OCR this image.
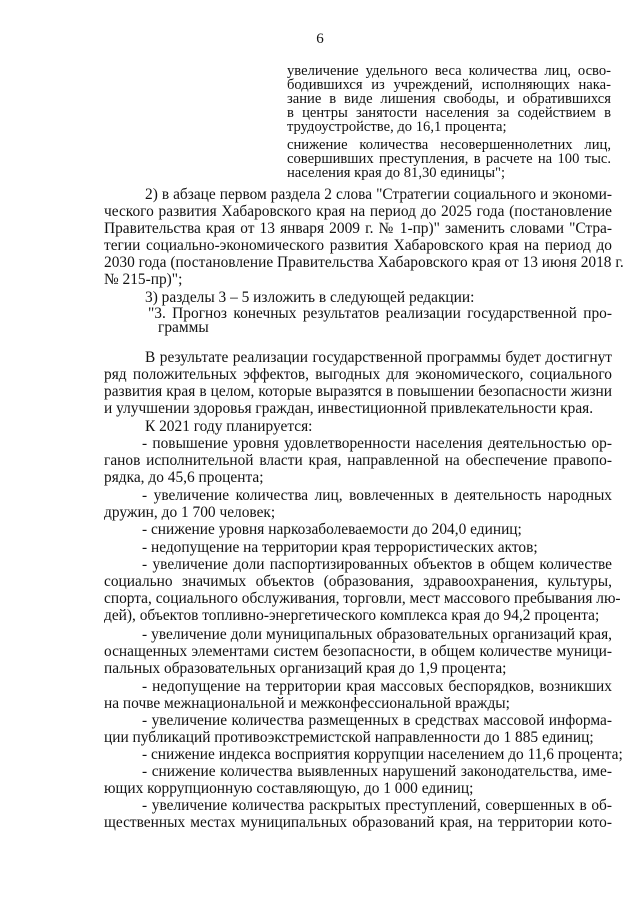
6
увеличение удельного веса количества лиц, осво-
бодившихся из учреждений, исполняющих нака-
зание в виде лишения свободы, и обратившихся
в центры занятости населения за содействием в
трудоустройстве, до 16,1 процента;
снижение количества несовершеннолетних лиц,
совершивших преступления, в расчете на 100 тыс.
населения края до 81,30 единицы";
2) в абзаце первом раздела 2 слова "Стратегии социального и экономи-
ческого развития Хабаровского края на период до 2025 года (постановление
Правительства края от 13 января 2009 г. № 1-пр)" заменить словами "Стра-
тегии социально-экономического развития Хабаровского края на период до
2030 года (постановление Правительства Хабаровского края от 13 июня 2018 г.
№ 215-пр)";
3) разделы 3 – 5 изложить в следующей редакции:
"3. Прогноз конечных результатов реализации государственной про-
граммы
В результате реализации государственной программы будет достигнут
ряд положительных эффектов, выгодных для экономического, социального
развития края в целом, которые выразятся в повышении безопасности жизни
и улучшении здоровья граждан, инвестиционной привлекательности края.
К 2021 году планируется:
- повышение уровня удовлетворенности населения деятельностью ор-
ганов исполнительной власти края, направленной на обеспечение правопо-
рядка, до 45,6 процента;
- увеличение количества лиц, вовлеченных в деятельность народных
дружин, до 1 700 человек;
- снижение уровня наркозаболеваемости до 204,0 единиц;
- недопущение на территории края террористических актов;
- увеличение доли паспортизированных объектов в общем количестве
социально значимых объектов (образования, здравоохранения, культуры,
спорта, социального обслуживания, торговли, мест массового пребывания лю-
дей), объектов топливно-энергетического комплекса края до 94,2 процента;
- увеличение доли муниципальных образовательных организаций края,
оснащенных элементами систем безопасности, в общем количестве муници-
пальных образовательных организаций края до 1,9 процента;
- недопущение на территории края массовых беспорядков, возникших
на почве межнациональной и межконфессиональной вражды;
- увеличение количества размещенных в средствах массовой информа-
ции публикаций противоэкстремистской направленности до 1 885 единиц;
- снижение индекса восприятия коррупции населением до 11,6 процента;
- снижение количества выявленных нарушений законодательства, име-
ющих коррупционную составляющую, до 1 000 единиц;
- увеличение количества раскрытых преступлений, совершенных в об-
щественных местах муниципальных образований края, на территории кото-
